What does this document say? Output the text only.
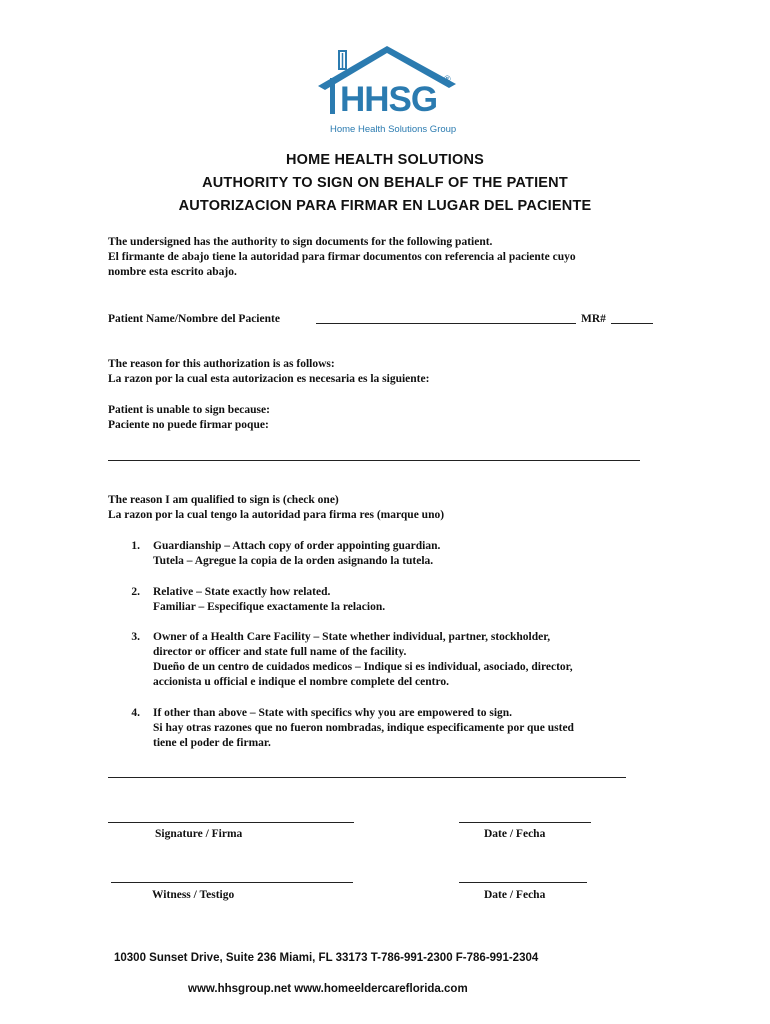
HHSG
®
Home Health Solutions Group
HOME HEALTH SOLUTIONS
AUTHORITY TO SIGN ON BEHALF OF THE PATIENT
AUTORIZACION PARA FIRMAR EN LUGAR DEL PACIENTE
The undersigned has the authority to sign documents for the following patient.
El firmante de abajo tiene la autoridad para firmar documentos con referencia al paciente cuyo
nombre esta escrito abajo.
Patient Name/Nombre del Paciente	MR#
The reason for this authorization is as follows:
La razon por la cual esta autorizacion es necesaria es la siguiente:
Patient is unable to sign because:
Paciente no puede firmar poque:
The reason I am qualified to sign is (check one)
La razon por la cual tengo la autoridad para firma res (marque uno)
1. Guardianship – Attach copy of order appointing guardian.
Tutela – Agregue la copia de la orden asignando la tutela.
2. Relative – State exactly how related.
Familiar – Especifique exactamente la relacion.
3. Owner of a Health Care Facility – State whether individual, partner, stockholder,
director or officer and state full name of the facility.
Dueño de un centro de cuidados medicos – Indique si es individual, asociado, director,
accionista u official e indique el nombre complete del centro.
4. If other than above – State with specifics why you are empowered to sign.
Si hay otras razones que no fueron nombradas, indique especificamente por que usted
tiene el poder de firmar.
Signature / Firma	Date / Fecha
Witness / Testigo	Date / Fecha
10300 Sunset Drive, Suite 236 Miami, FL 33173 T-786-991-2300 F-786-991-2304
www.hhsgroup.net www.homeeldercareflorida.com
